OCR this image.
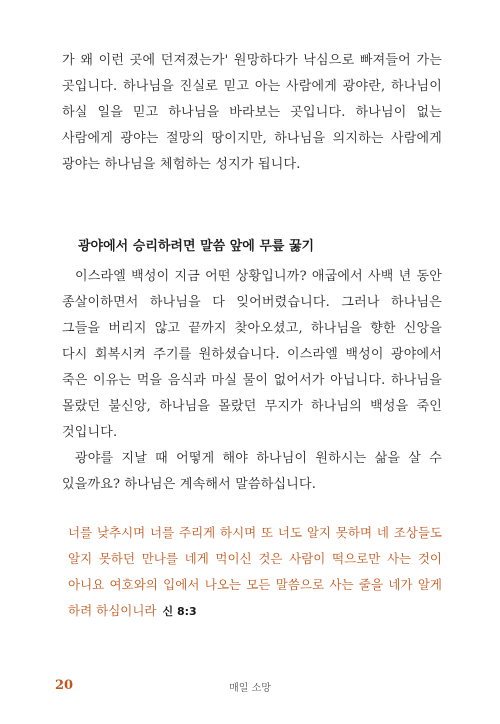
가 왜 이런 곳에 던져졌는가' 원망하다가 낙심으로 빠져들어 가는 곳입니다. 하나님을 진실로 믿고 아는 사람에게 광야란, 하나님이 하실 일을 믿고 하나님을 바라보는 곳입니다. 하나님이 없는 사람에게 광야는 절망의 땅이지만, 하나님을 의지하는 사람에게 광야는 하나님을 체험하는 성지가 됩니다.

광야에서 승리하려면 말씀 앞에 무릎 꿇기

이스라엘 백성이 지금 어떤 상황입니까? 애굽에서 사백 년 동안 종살이하면서 하나님을 다 잊어버렸습니다. 그러나 하나님은 그들을 버리지 않고 끝까지 찾아오셨고, 하나님을 향한 신앙을 다시 회복시켜 주기를 원하셨습니다. 이스라엘 백성이 광야에서 죽은 이유는 먹을 음식과 마실 물이 없어서가 아닙니다. 하나님을 몰랐던 불신앙, 하나님을 몰랐던 무지가 하나님의 백성을 죽인 것입니다.

광야를 지날 때 어떻게 해야 하나님이 원하시는 삶을 살 수 있을까요? 하나님은 계속해서 말씀하십니다.

너를 낮추시며 너를 주리게 하시며 또 너도 알지 못하며 네 조상들도 알지 못하던 만나를 네게 먹이신 것은 사람이 떡으로만 사는 것이 아니요 여호와의 입에서 나오는 모든 말씀으로 사는 줄을 네가 알게 하려 하심이니라 신 8:3

20	매일 소망
